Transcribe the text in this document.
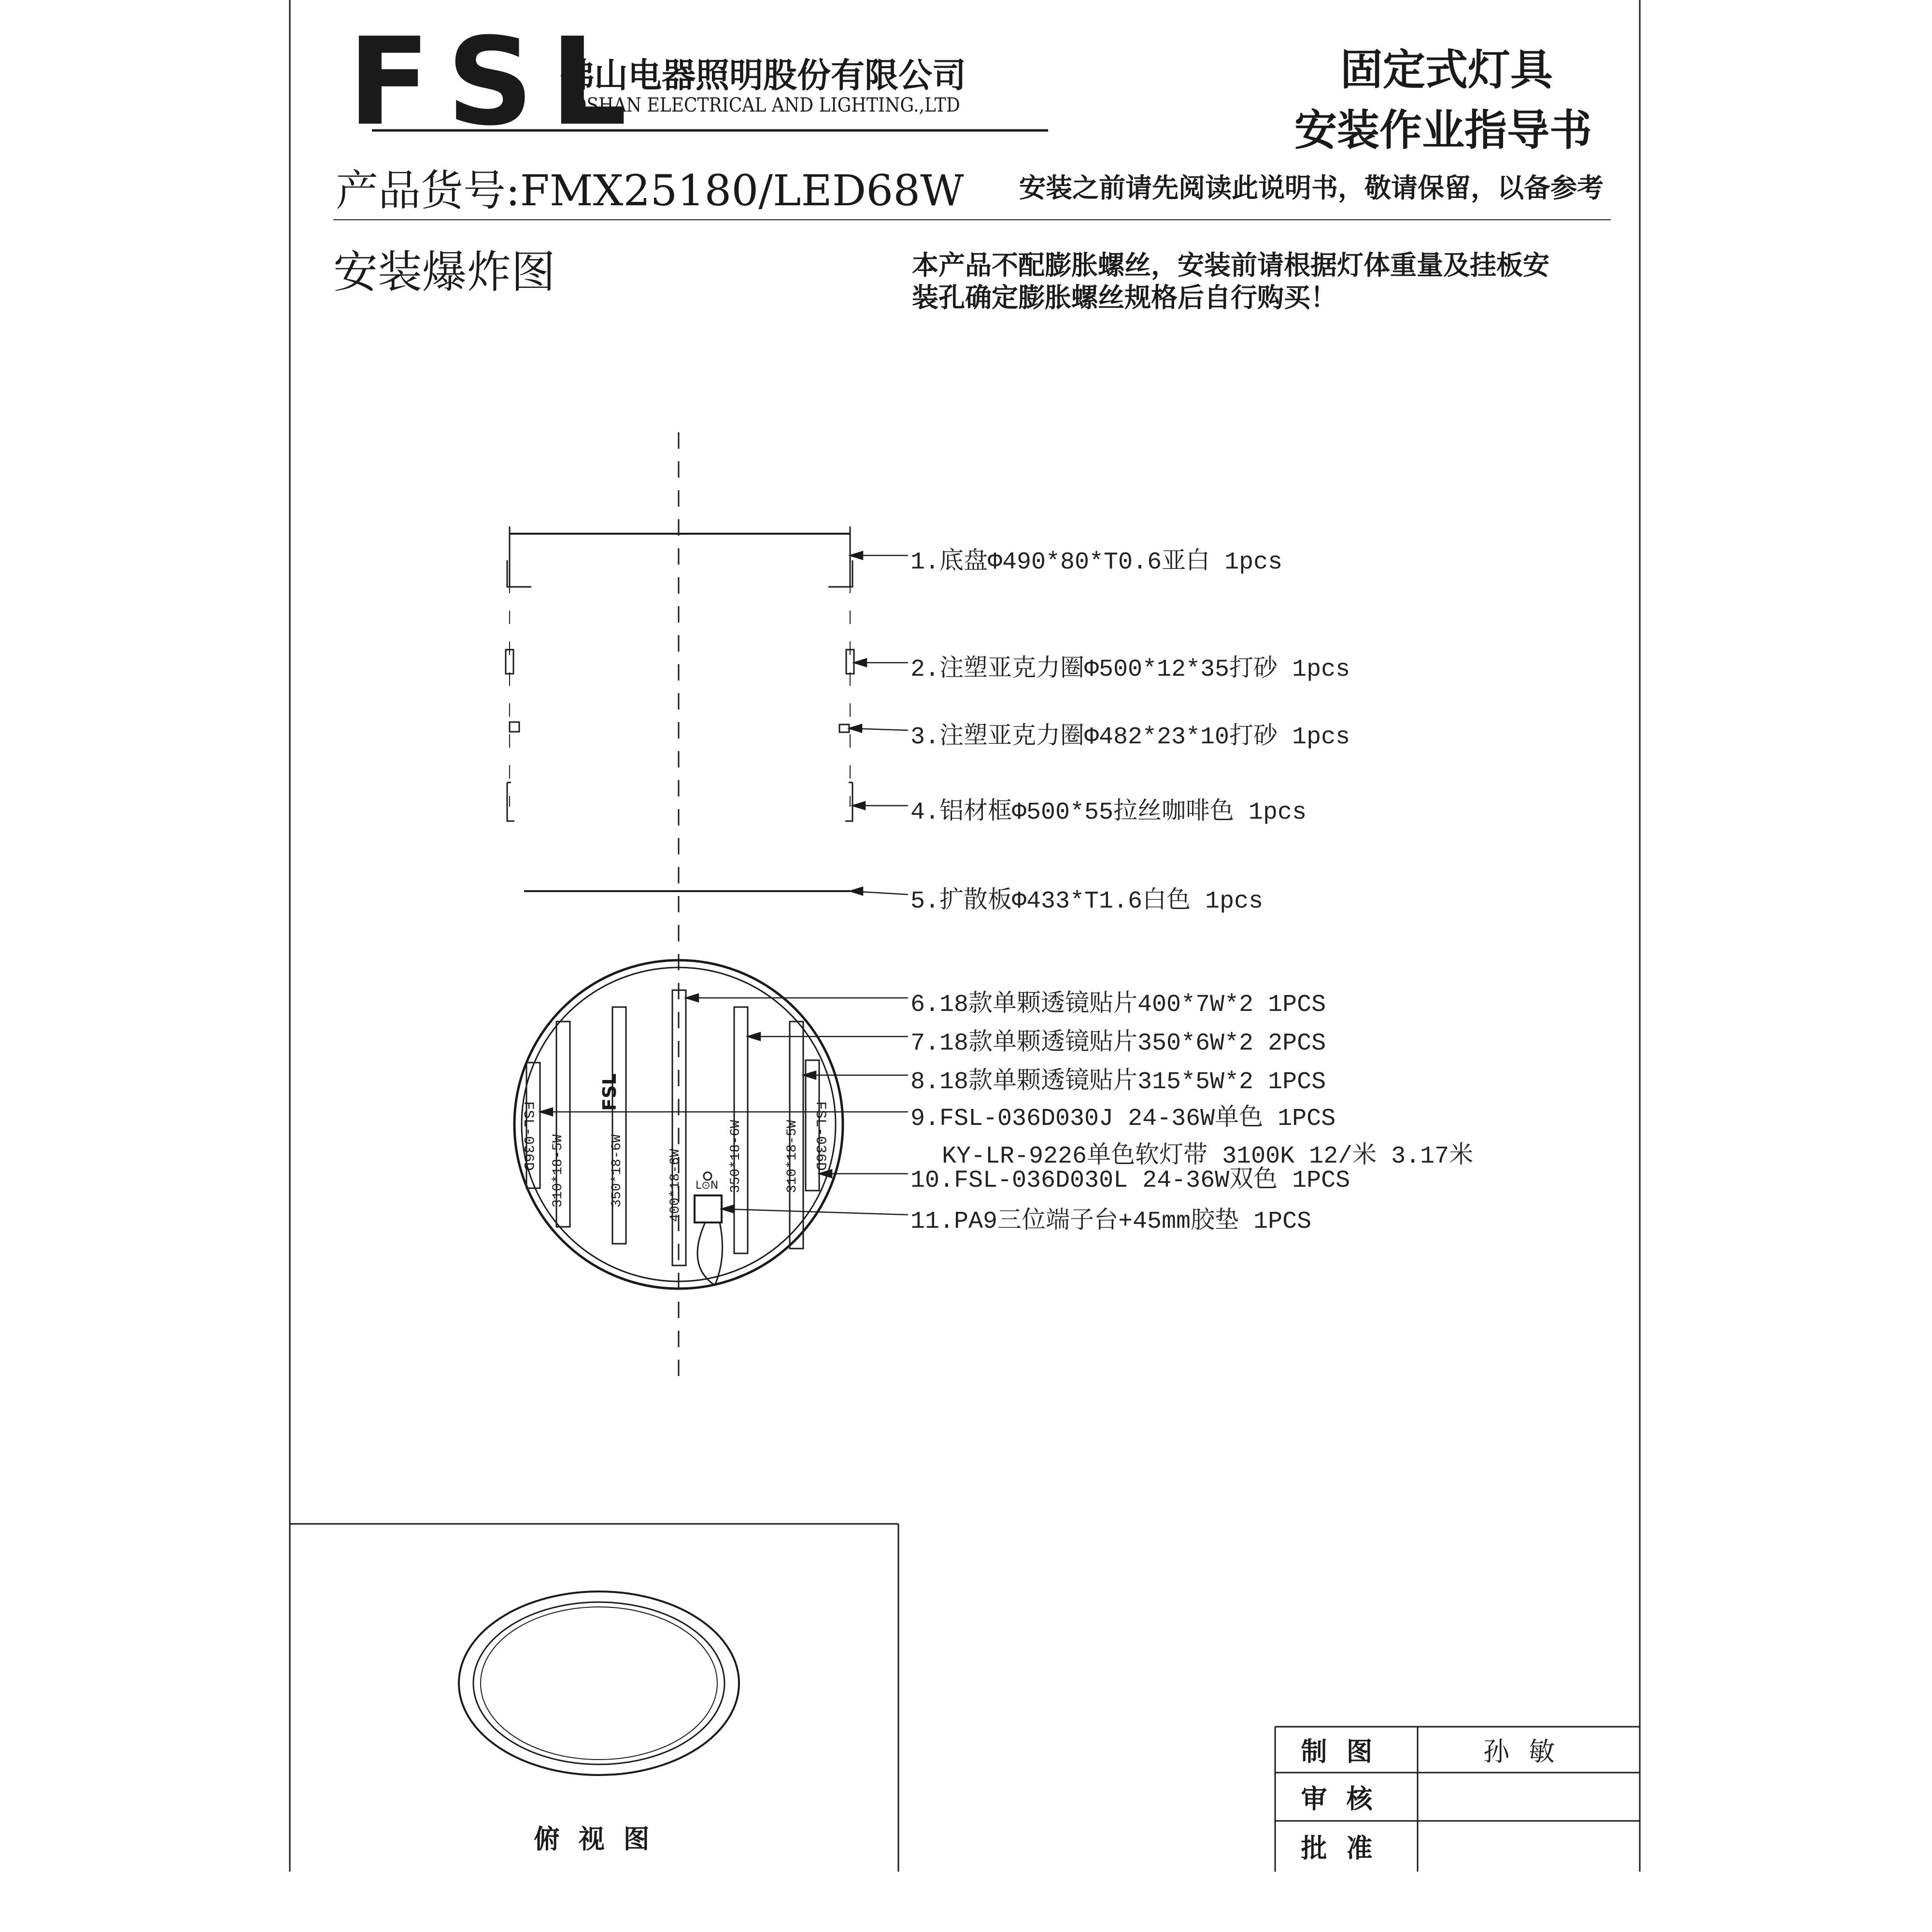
FSL
佛山电器照明股份有限公司
FOSHAN ELECTRICAL AND LIGHTING.,LTD
固定式灯具
安装作业指导书
产品货号:FMX25180/LED68W 安装之前请先阅读此说明书，敬请保留，以备参考
安装爆炸图	本产品不配膨胀螺丝，安装前请根据灯体重量及挂板安
装孔确定膨胀螺丝规格后自行购买！
1.底盘Φ490*80*T0.6亚白 1pcs
2.注塑亚克力圈Φ500*12*35打砂 1pcs
3.注塑亚克力圈Φ482*23*10打砂 1pcs
4.铝材框Φ500*55拉丝咖啡色 1pcs
5.扩散板Φ433*T1.6白色 1pcs
6.18款单颗透镜贴片400*7W*2 1PCS
7.18款单颗透镜贴片350*6W*2 2PCS
8.18款单颗透镜贴片315*5W*2 1PCS
9.FSL-036D030J 24-36W单色 1PCS
KY-LR-9226单色软灯带 3100K 12/米 3.17米
10.FSL-036D030L 24-36W双色 1PCS
11.PA9三位端子台+45mm胶垫 1PCS
FSL-036D 310*18-5W
FSL
350*18-6W	400*18-6W	350*18-6W	310*18-5W FSL-036D
L⊙N
俯 视 图
制图	孙敏
审核
批准
